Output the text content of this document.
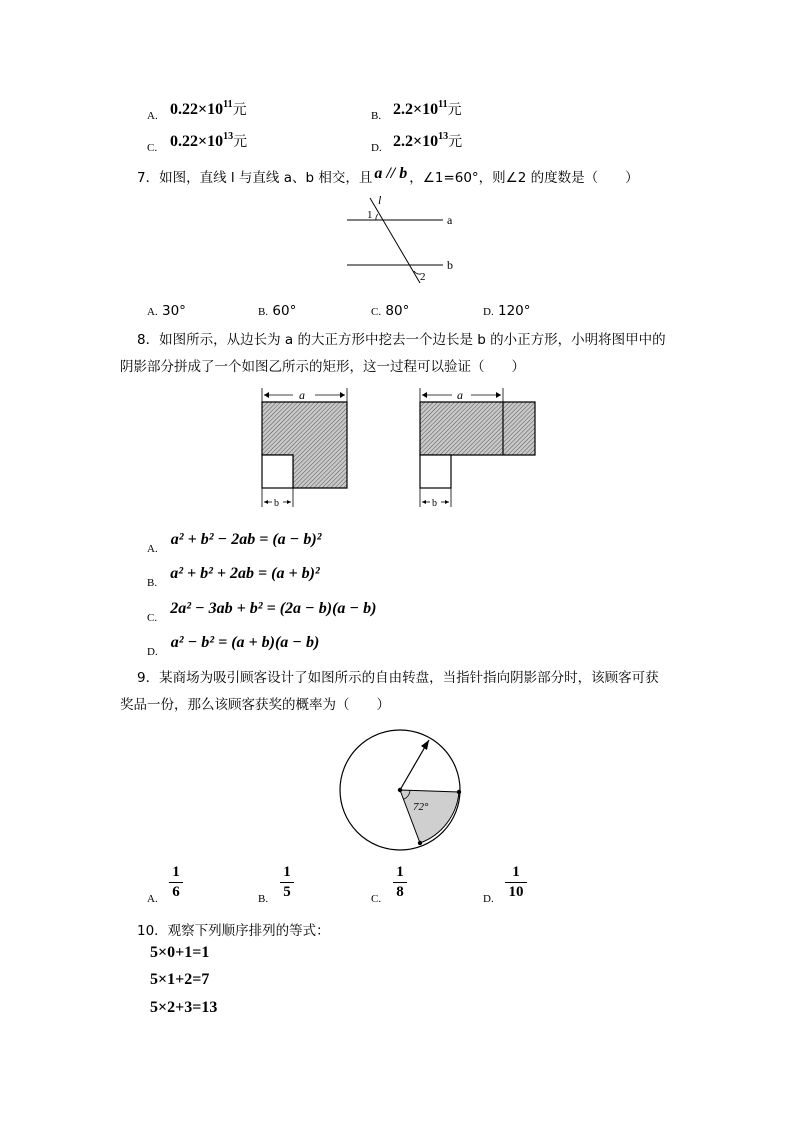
A. $0.22\times 10^{11}$元	B. $2.2\times 10^{11}$元
C. $0.22\times 10^{13}$元	D. $2.2\times 10^{13}$元
7．如图，直线 l 与直线 a、b 相交，且 a // b ，∠1=60°，则∠2 的度数是（　　）
l
1	a
b
2
A. 30°	B. 60°	C. 80°	D. 120°
8．如图所示，从边长为 a 的大正方形中挖去一个边长是 b 的小正方形，小明将图甲中的
阴影部分拼成了一个如图乙所示的矩形，这一过程可以验证（　　）
a
b
a
b
$_{A.}$ a² + b² − 2ab = (a − b)²
$_{B.}$ a² + b² + 2ab = (a + b)²
$_{C.}$ 2a² − 3ab + b² = (2a − b)(a − b)
$_{D.}$ a² − b² = (a + b)(a − b)
9．某商场为吸引顾客设计了如图所示的自由转盘，当指针指向阴影部分时，该顾客可获
奖品一份，那么该顾客获奖的概率为（　　）
72°
A.
1
6	B.
1
5	C.
1
8	D.
1
10
10．观察下列顺序排列的等式：
5×0+1=1
5×1+2=7
5×2+3=13
